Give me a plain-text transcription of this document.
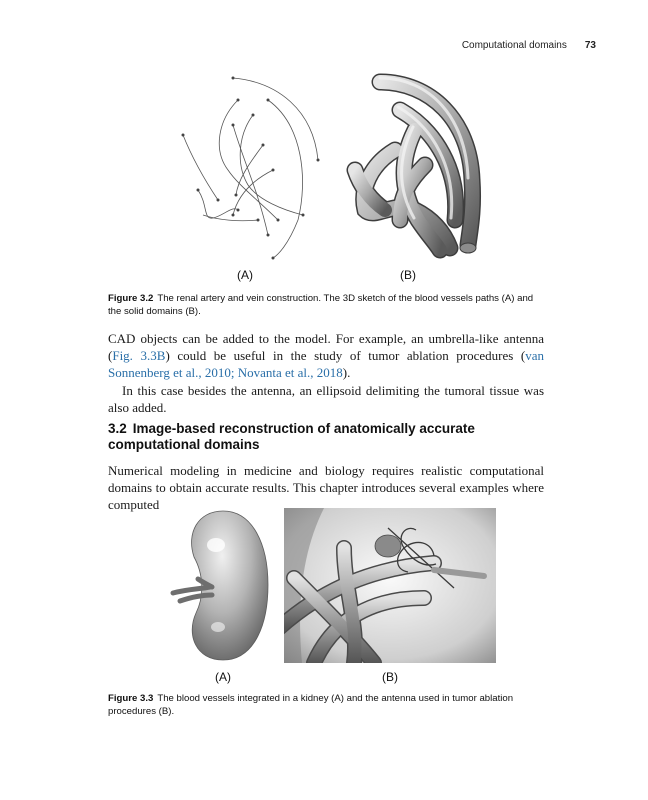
Computational domains 73
(A)	(B)
Figure 3.2 The renal artery and vein construction. The 3D sketch of the blood vessels paths (A) and the solid domains (B).
CAD objects can be added to the model. For example, an umbrella-like antenna (Fig. 3.3B) could be useful in the study of tumor ablation procedures (van Sonnenberg et al., 2010; Novanta et al., 2018).
In this case besides the antenna, an ellipsoid delimiting the tumoral tissue was also added.
3.2 Image-based reconstruction of anatomically accurate computational domains
Numerical modeling in medicine and biology requires realistic computational domains to obtain accurate results. This chapter introduces several examples where computed
(A)	(B)
Figure 3.3 The blood vessels integrated in a kidney (A) and the antenna used in tumor ablation procedures (B).
